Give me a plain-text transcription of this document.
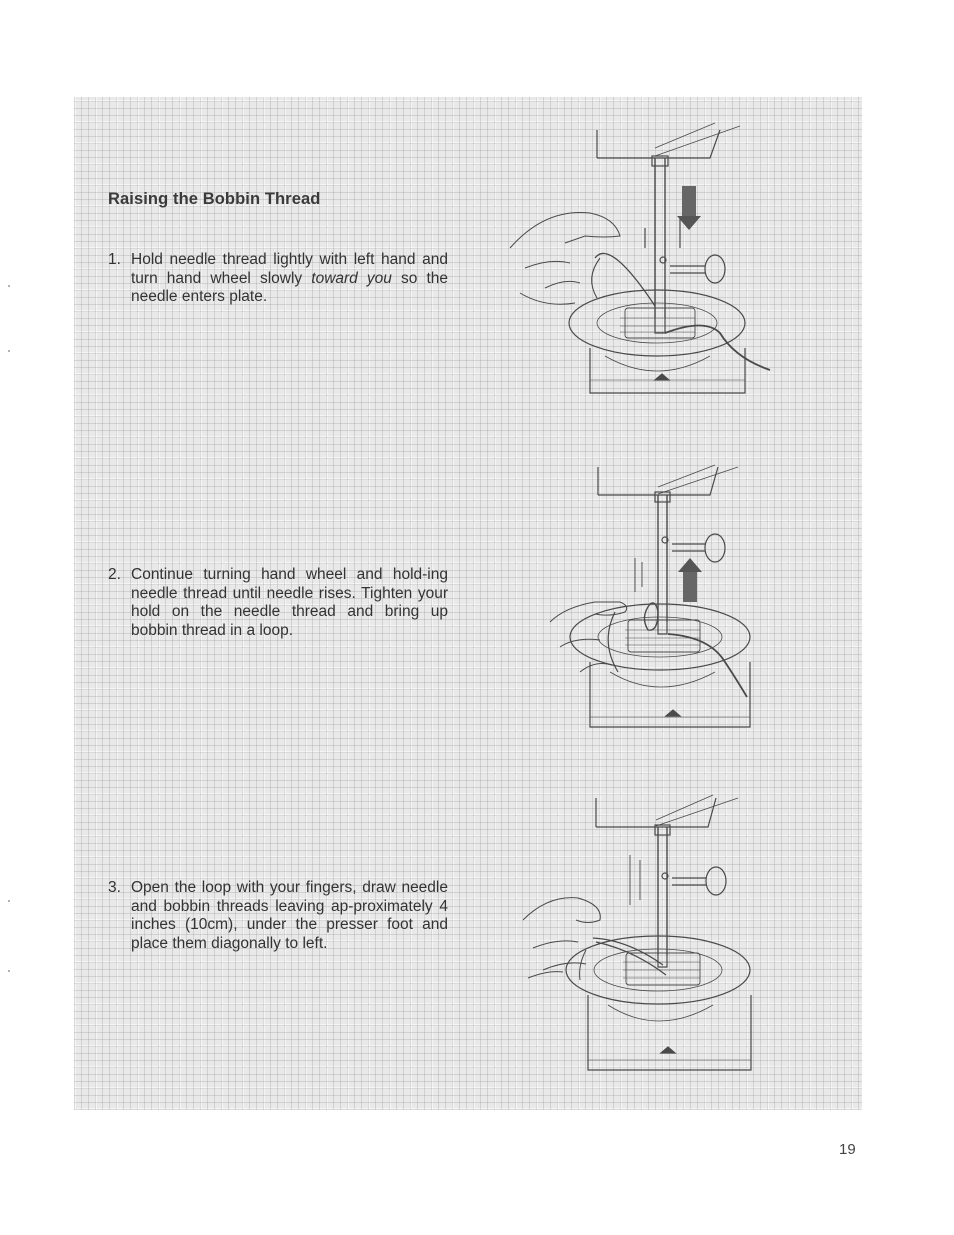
Raising the Bobbin Thread
1. Hold needle thread lightly with left hand and turn hand wheel slowly toward you so the needle enters plate.
2. Continue turning hand wheel and hold-ing needle thread until needle rises. Tighten your hold on the needle thread and bring up bobbin thread in a loop.
3. Open the loop with your fingers, draw needle and bobbin threads leaving ap-proximately 4 inches (10cm), under the presser foot and place them diagonally to left.
19
